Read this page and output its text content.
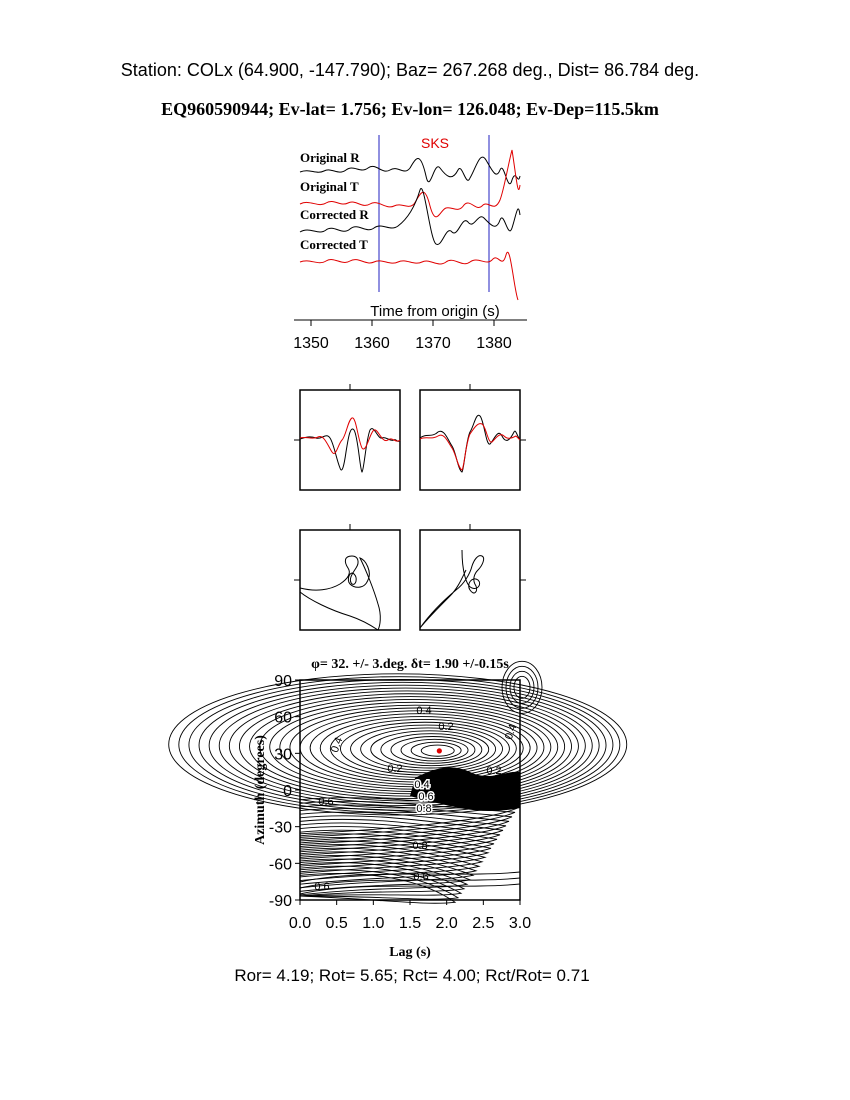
Station: COLx (64.900, -147.790); Baz= 267.268 deg., Dist= 86.784 deg.
EQ960590944; Ev-lat= 1.756; Ev-lon= 126.048; Ev-Dep=115.5km
SKS
Original R
Original T
Corrected R
Corrected T
Time from origin (s)
1350 1360 1370 1380
φ= 32. +/- 3.deg. δt= 1.90 +/-0.15s
0.4
0.2
0.4
0.2	0.2
0.4
0.6
0.8
0.6
0.8
0.6
0.6
0.4
90
60
30
0
-30
-60
-90
0.0 0.5 1.0 1.5 2.0 2.5 3.0
Azimuth (degrees)
Lag (s)
Ror= 4.19; Rot= 5.65; Rct= 4.00; Rct/Rot= 0.71
